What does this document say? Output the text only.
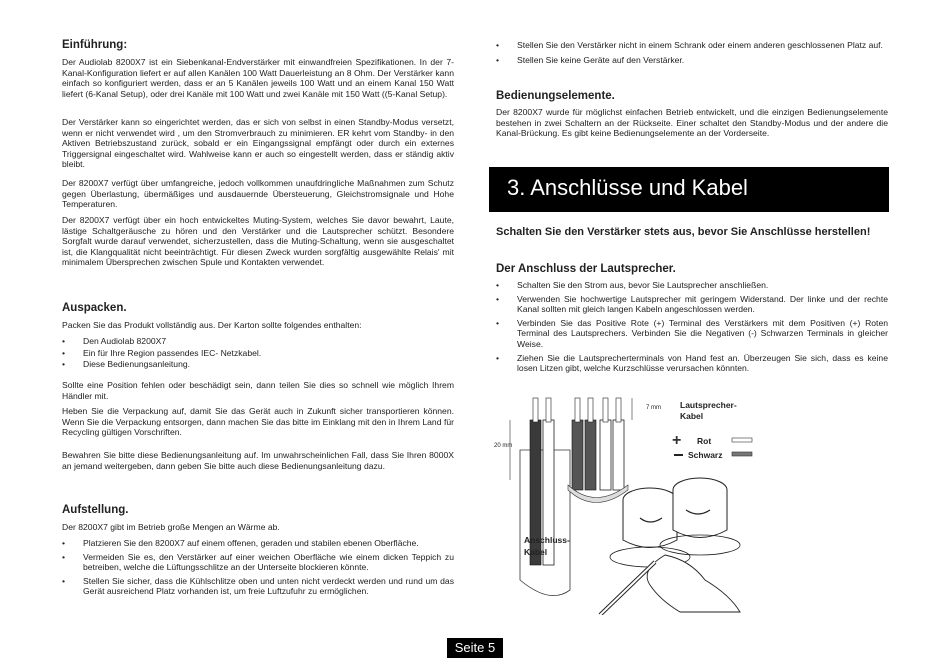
Einführung:

Der Audiolab 8200X7 ist ein Siebenkanal-Endverstärker mit einwandfreien Spezifikationen. In der 7-Kanal-Konfiguration liefert er auf allen Kanälen 100 Watt Dauerleistung an 8 Ohm. Der Verstärker kann einfach so konfiguriert werden, dass er an 5 Kanälen jeweils 100 Watt und an einem Kanal 150 Watt liefert (6-Kanal Setup), oder drei Kanäle mit 100 Watt und zwei Kanäle mit 150 Watt ((5-Kanal Setup).

Der Verstärker kann so eingerichtet werden, das er sich von selbst in einen Standby-Modus versetzt, wenn er nicht verwendet wird , um den Stromverbrauch zu minimieren. ER kehrt vom Standby- in den Aktiven Betriebszustand zurück, sobald er ein Eingangssignal empfängt oder durch ein externes Triggersignal eingeschaltet wird. Wahlweise kann er auch so eingestellt werden, dass er ständig aktiv bleibt.

Der 8200X7 verfügt über umfangreiche, jedoch vollkommen unaufdringliche Maßnahmen zum Schutz gegen Überlastung, übermäßiges und ausdauernde Übersteuerung, Gleichstromsignale und Hohe Temperaturen.

Der 8200X7 verfügt über ein hoch entwickeltes Muting-System, welches Sie davor bewahrt, Laute, lästige Schaltgeräusche zu hören und den Verstärker und die Lautsprecher schützt. Besondere Sorgfalt wurde darauf verwendet, sicherzustellen, dass die Muting-Schaltung, wenn sie ausgeschaltet ist, die Klangqualität nicht beeinträchtigt. Für diesen Zweck wurden sorgfältig ausgewählte Relais' mit minimalem Übersprechen zwischen Spule und Kontakten verwendet.

Auspacken.

Packen Sie das Produkt vollständig aus. Der Karton sollte folgendes enthalten:

• Den Audiolab 8200X7
• Ein für Ihre Region passendes IEC- Netzkabel.
• Diese Bedienungsanleitung.

Sollte eine Position fehlen oder beschädigt sein, dann teilen Sie dies so schnell wie möglich Ihrem Händler mit.

Heben Sie die Verpackung auf, damit Sie das Gerät auch in Zukunft sicher transportieren können. Wenn Sie die Verpackung entsorgen, dann machen Sie das bitte im Einklang mit den in Ihrem Land für Recycling gültigen Vorschriften.

Bewahren Sie bitte diese Bedienungsanleitung auf. Im unwahrscheinlichen Fall, dass Sie Ihren 8000X an jemand weitergeben, dann geben Sie bitte auch diese Bedienungsanleitung dazu.

Aufstellung.

Der 8200X7 gibt im Betrieb große Mengen an Wärme ab.

• Platzieren Sie den 8200X7 auf einem offenen, geraden und stabilen ebenen Oberfläche.
• Vermeiden Sie es, den Verstärker auf einer weichen Oberfläche wie einem dicken Teppich zu betreiben, welche die Lüftungsschlitze an der Unterseite blockieren könnte.
• Stellen Sie sicher, dass die Kühlschlitze oben und unten nicht verdeckt werden und rund um das Gerät ausreichend Platz vorhanden ist, um freie Luftzufuhr zu ermöglichen.
• Stellen Sie den Verstärker nicht in einem Schrank oder einem anderen geschlossenen Platz auf.
• Stellen Sie keine Geräte auf den Verstärker.
Bedienungselemente.

Der 8200X7 wurde für möglichst einfachen Betrieb entwickelt, und die einzigen Bedienungselemente bestehen in zwei Schaltern an der Rückseite. Einer schaltet den Standby-Modus und der andere die Kanal-Brückung. Es gibt keine Bedienungselemente an der Vorderseite.

Schalten Sie den Verstärker stets aus, bevor Sie Anschlüsse herstellen!
Der Anschluss der Lautsprecher.
• Schalten Sie den Strom aus, bevor Sie Lautsprecher anschließen.
• Verwenden Sie hochwertige Lautsprecher mit geringem Widerstand. Der linke und der rechte Kanal sollten mit gleich langen Kabeln angeschlossen werden.
• Verbinden Sie das Positive Rote (+) Terminal des Verstärkers mit dem Positiven (+) Roten Terminal des Lautsprechers. Verbinden Sie die Negativen (-) Schwarzen Terminals in gleicher Weise.
• Ziehen Sie die Lautsprecherterminals von Hand fest an. Überzeugen Sie sich, dass es keine losen Litzen gibt, welche Kurzschlüsse verursachen könnten.
3. Anschlüsse und Kabel
7 mm
20 mm
Lautsprecher-
Kabel
+ Rot
Schwarz
Anschluss-
Kabel
Seite 5
